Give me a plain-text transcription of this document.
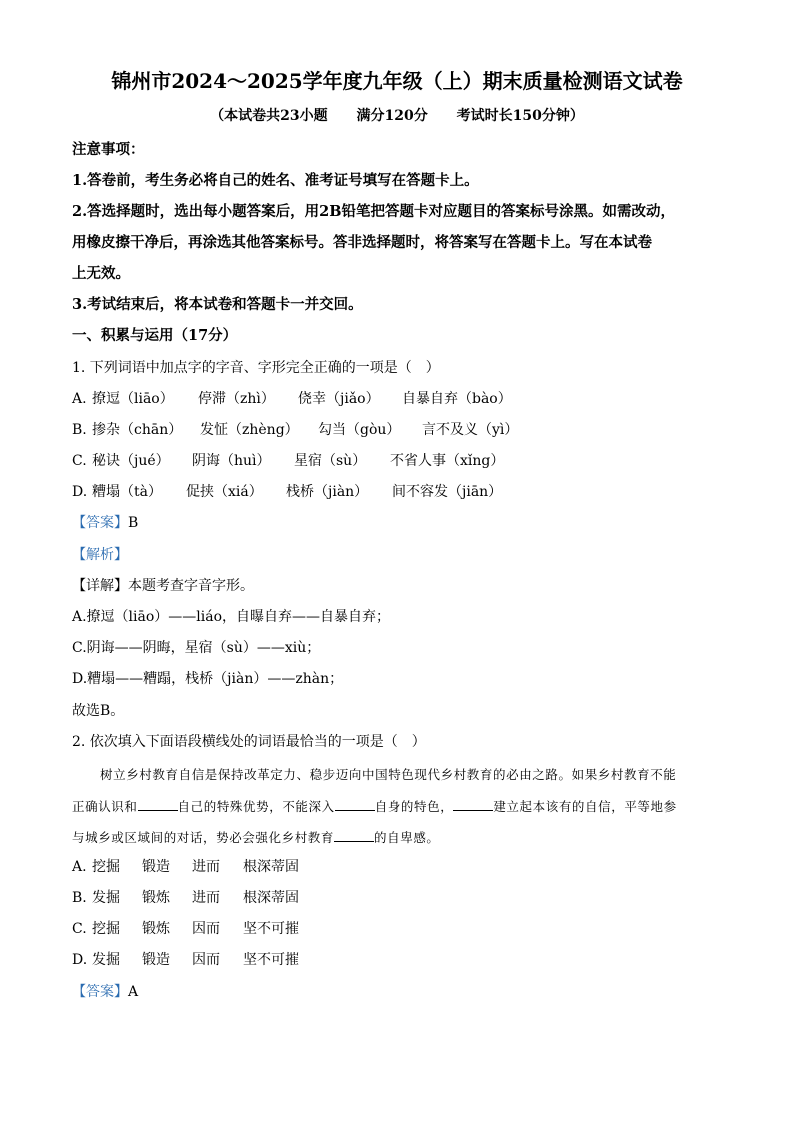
锦州市2024～2025学年度九年级（上）期末质量检测语文试卷
（本试卷共23小题 满分120分 考试时长150分钟）
注意事项：
1.答卷前，考生务必将自己的姓名、准考证号填写在答题卡上。
2.答选择题时，选出每小题答案后，用2B铅笔把答题卡对应题目的答案标号涂黑。如需改动，
用橡皮擦干净后，再涂选其他答案标号。答非选择题时，将答案写在答题卡上。写在本试卷
上无效。
3.考试结束后，将本试卷和答题卡一并交回。
一、积累与运用（17分）
1. 下列词语中加点字的字音、字形完全正确的一项是（　）
A. 撩逗（liāo） 停滞（zhì） 侥幸（jiǎo） 自暴自弃（bào）
B. 掺杂（chān） 发怔（zhèng） 勾当（gòu） 言不及义（yì）
C. 秘诀（jué） 阴诲（huì） 星宿（sù） 不省人事（xǐng）
D. 糟塌（tà） 促挟（xiá） 栈桥（jiàn） 间不容发（jiān）
【答案】B
【解析】
【详解】本题考查字音字形。
A.撩逗（liāo）——liáo，自曝自弃——自暴自弃；
C.阴诲——阴晦，星宿（sù）——xiù；
D.糟塌——糟蹋，栈桥（jiàn）——zhàn；
故选B。
2. 依次填入下面语段横线处的词语最恰当的一项是（　）
树立乡村教育自信是保持改革定力、稳步迈向中国特色现代乡村教育的必由之路。如果乡村教育不能
正确认识和	自己的特殊优势，不能深入	自身的特色，	建立起本该有的自信，平等地参
与城乡或区域间的对话，势必会强化乡村教育	的自卑感。
A. 挖掘 锻造 进而 根深蒂固
B. 发掘 锻炼 进而 根深蒂固
C. 挖掘 锻炼 因而 坚不可摧
D. 发掘 锻造 因而 坚不可摧
【答案】A
